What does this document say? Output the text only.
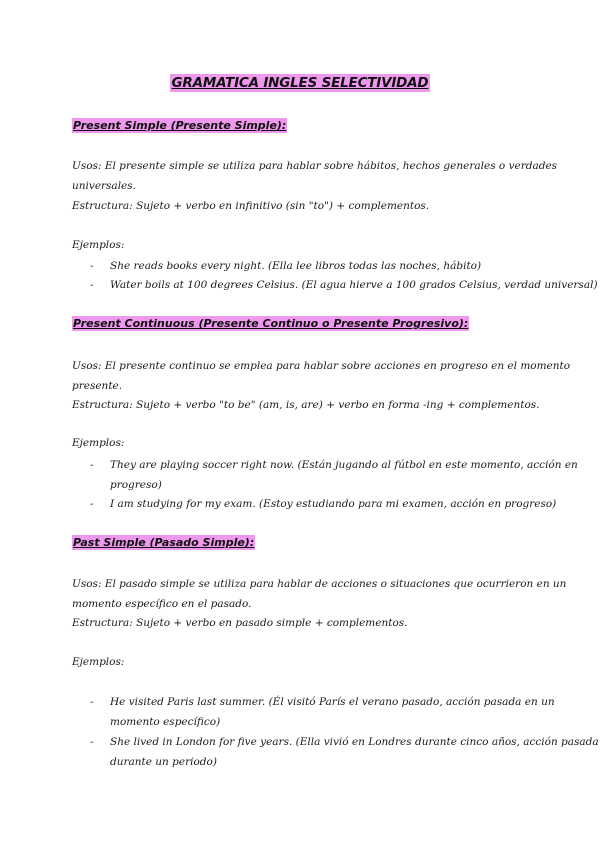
GRAMATICA INGLES SELECTIVIDAD
Present Simple (Presente Simple):
Usos: El presente simple se utiliza para hablar sobre hábitos, hechos generales o verdades
universales.
Estructura: Sujeto + verbo en infinitivo (sin "to") + complementos.
Ejemplos:
- She reads books every night. (Ella lee libros todas las noches, hábito)
- Water boils at 100 degrees Celsius. (El agua hierve a 100 grados Celsius, verdad universal)
Present Continuous (Presente Continuo o Presente Progresivo):
Usos: El presente continuo se emplea para hablar sobre acciones en progreso en el momento
presente.
Estructura: Sujeto + verbo "to be" (am, is, are) + verbo en forma -ing + complementos.
Ejemplos:
- They are playing soccer right now. (Están jugando al fútbol en este momento, acción en
progreso)
- I am studying for my exam. (Estoy estudiando para mi examen, acción en progreso)
Past Simple (Pasado Simple):
Usos: El pasado simple se utiliza para hablar de acciones o situaciones que ocurrieron en un
momento específico en el pasado.
Estructura: Sujeto + verbo en pasado simple + complementos.
Ejemplos:
- He visited Paris last summer. (Él visitó París el verano pasado, acción pasada en un
momento específico)
- She lived in London for five years. (Ella vivió en Londres durante cinco años, acción pasada
durante un periodo)
